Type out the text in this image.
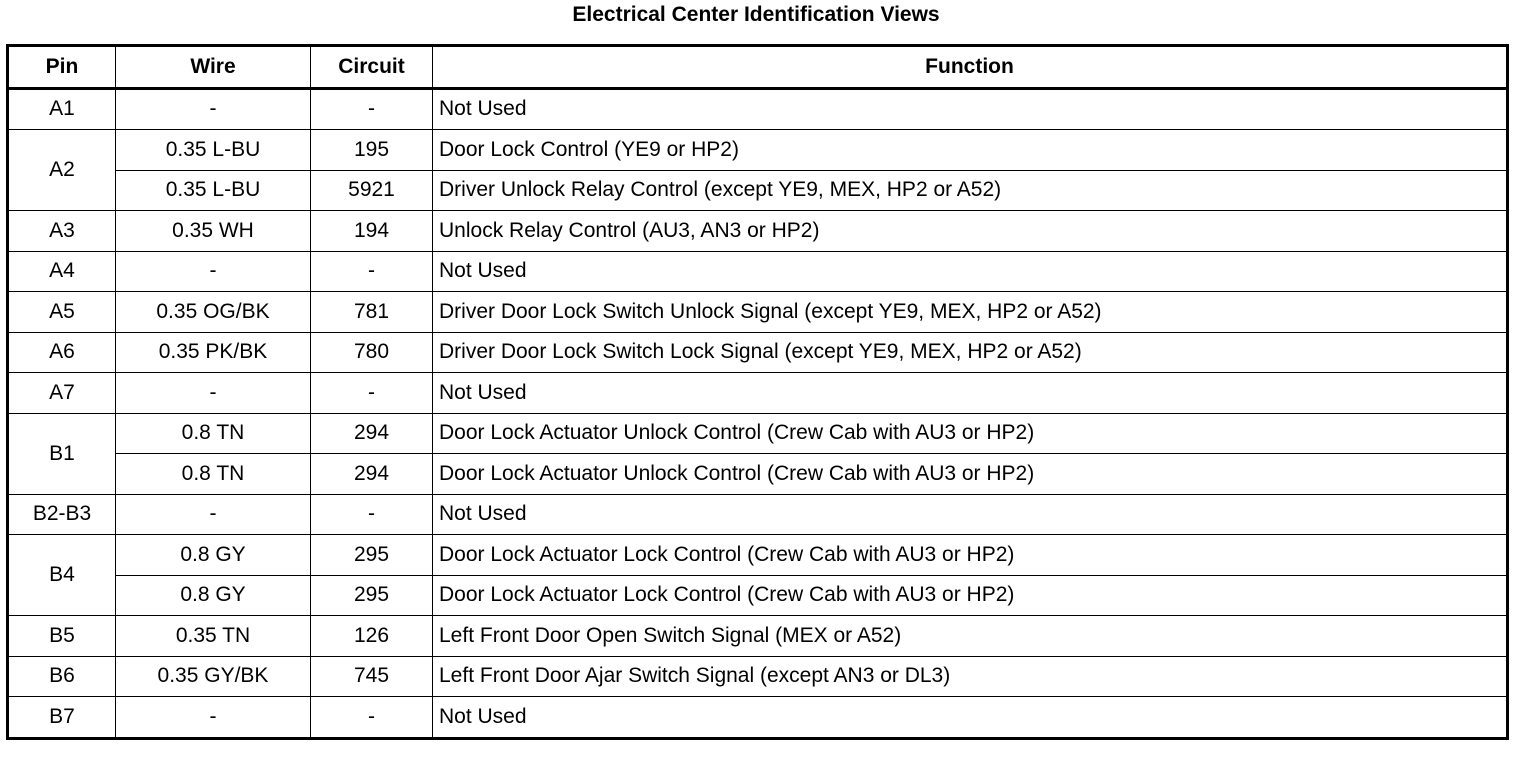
Electrical Center Identification Views
Pin	Wire	Circuit	Function
A1	-	-	Not Used
A2	0.35 L-BU	195	Door Lock Control (YE9 or HP2)
	0.35 L-BU	5921	Driver Unlock Relay Control (except YE9, MEX, HP2 or A52)
A3	0.35 WH	194	Unlock Relay Control (AU3, AN3 or HP2)
A4	-	-	Not Used
A5	0.35 OG/BK	781	Driver Door Lock Switch Unlock Signal (except YE9, MEX, HP2 or A52)
A6	0.35 PK/BK	780	Driver Door Lock Switch Lock Signal (except YE9, MEX, HP2 or A52)
A7	-	-	Not Used
B1	0.8 TN	294	Door Lock Actuator Unlock Control (Crew Cab with AU3 or HP2)
	0.8 TN	294	Door Lock Actuator Unlock Control (Crew Cab with AU3 or HP2)
B2-B3	-	-	Not Used
B4	0.8 GY	295	Door Lock Actuator Lock Control (Crew Cab with AU3 or HP2)
	0.8 GY	295	Door Lock Actuator Lock Control (Crew Cab with AU3 or HP2)
B5	0.35 TN	126	Left Front Door Open Switch Signal (MEX or A52)
B6	0.35 GY/BK	745	Left Front Door Ajar Switch Signal (except AN3 or DL3)
B7	-	-	Not Used
